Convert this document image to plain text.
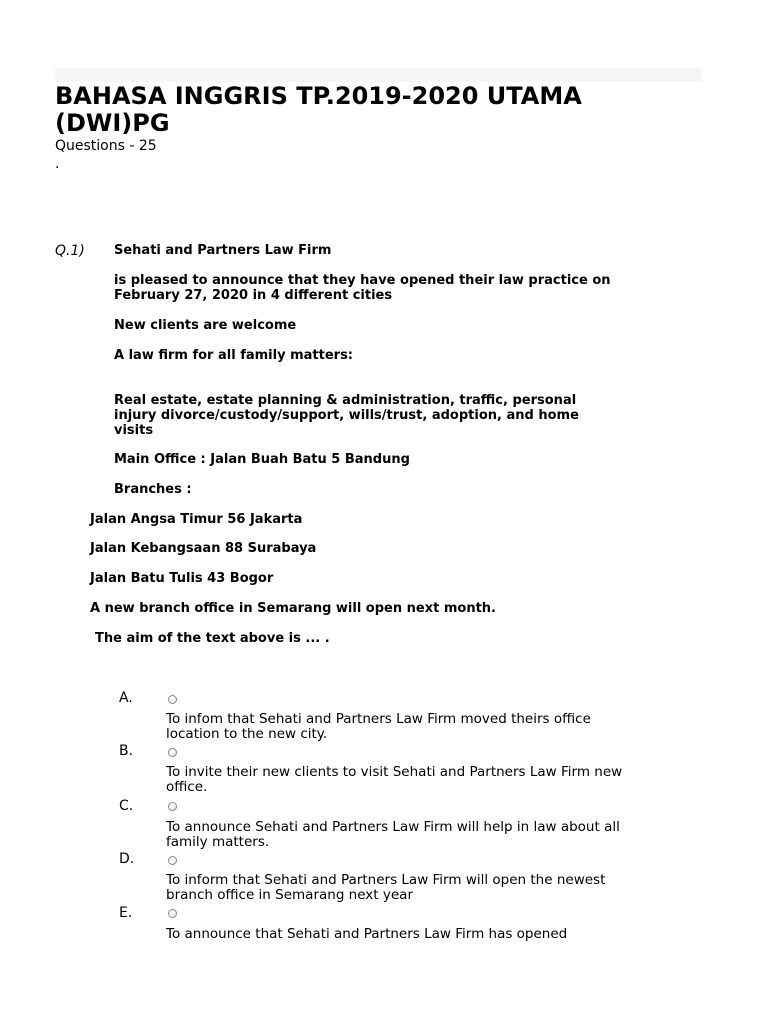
BAHASA INGGRIS TP.2019-2020 UTAMA (DWI)PG
Questions - 25
.
Q.1) Sehati and Partners Law Firm
is pleased to announce that they have opened their law practice on February 27, 2020 in 4 different cities
New clients are welcome
A law firm for all family matters:
Real estate, estate planning & administration, traffic, personal injury divorce/custody/support, wills/trust, adoption, and home visits
Main Office : Jalan Buah Batu 5 Bandung
Branches :
Jalan Angsa Timur 56 Jakarta
Jalan Kebangsaan 88 Surabaya
Jalan Batu Tulis 43 Bogor
A new branch office in Semarang will open next month.
The aim of the text above is ... .
A.
To infom that Sehati and Partners Law Firm moved theirs office location to the new city.
B.
To invite their new clients to visit Sehati and Partners Law Firm new office.
C.
To announce Sehati and Partners Law Firm will help in law about all family matters.
D.
To inform that Sehati and Partners Law Firm will open the newest branch office in Semarang next year
E.
To announce that Sehati and Partners Law Firm has opened
